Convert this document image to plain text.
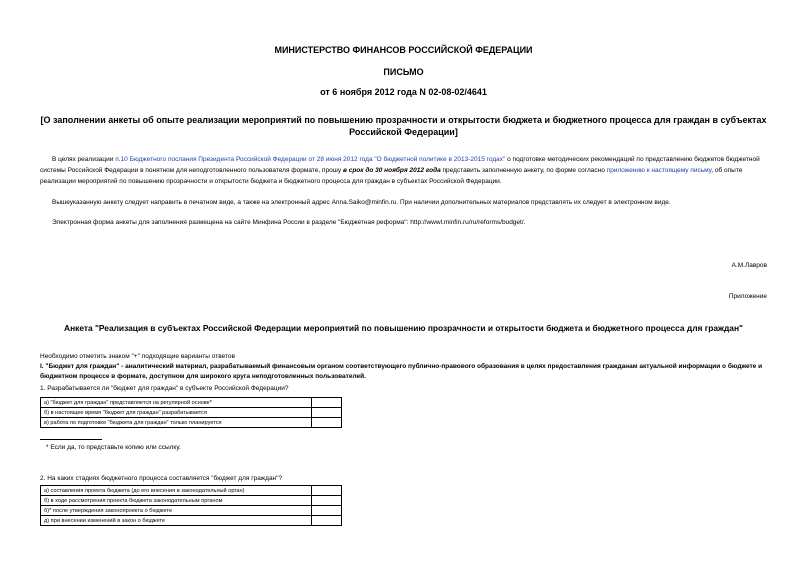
МИНИСТЕРСТВО ФИНАНСОВ РОССИЙСКОЙ ФЕДЕРАЦИИ
ПИСЬМО
от 6 ноября 2012 года N 02-08-02/4641
[О заполнении анкеты об опыте реализации мероприятий по повышению прозрачности и открытости бюджета и бюджетного процесса для граждан в субъектах Российской Федерации]
В целях реализации п.10 Бюджетного послания Президента Российской Федерации от 28 июня 2012 года "О бюджетной политике в 2013-2015 годах" о подготовке методических рекомендаций по представлению бюджетов бюджетной системы Российской Федерации в понятном для неподготовленного пользователя формате, прошу в срок до 30 ноября 2012 года представить заполненную анкету, по форме согласно приложению к настоящему письму, об опыте реализации мероприятий по повышению прозрачности и открытости бюджета и бюджетного процесса для граждан в субъектах Российской Федерации.
Вышеуказанную анкету следует направить в печатном виде, а также на электронный адрес Anna.Saiko@minfin.ru. При наличии дополнительных материалов представлять их следует в электронном виде.
Электронная форма анкеты для заполнения размещена на сайте Минфина России в разделе "Бюджетная реформа": http://wwwl.minfin.ru/ru/reforms/budget/.
А.М.Лавров
Приложение
Анкета "Реализация в субъектах Российской Федерации мероприятий по повышению прозрачности и открытости бюджета и бюджетного процесса для граждан"
Необходимо отметить знаком "+" подходящие варианты ответов
I. "Бюджет для граждан" - аналитический материал, разрабатываемый финансовым органом соответствующего публично-правового образования в целях предоставления гражданам актуальной информации о бюджете и бюджетном процессе в формате, доступном для широкого круга неподготовленных пользователей.
1. Разрабатывается ли "бюджет для граждан" в субъекте Российской Федерации?
а) "бюджет для граждан" представляется на регулярной основе*	
б) в настоящее время "бюджет для граждан" разрабатывается	
в) работа по подготовке "бюджета для граждан" только планируется	
* Если да, то представьте копию или ссылку.
2. На каких стадиях бюджетного процесса составляется "бюджет для граждан"?
а) составления проекта бюджета (до его внесения в законодательный орган)	
б) в ходе рассмотрения проекта бюджета законодательным органом	
б)* после утверждения законопроекта о бюджете	
д) при внесении изменений в закон о бюджете	
